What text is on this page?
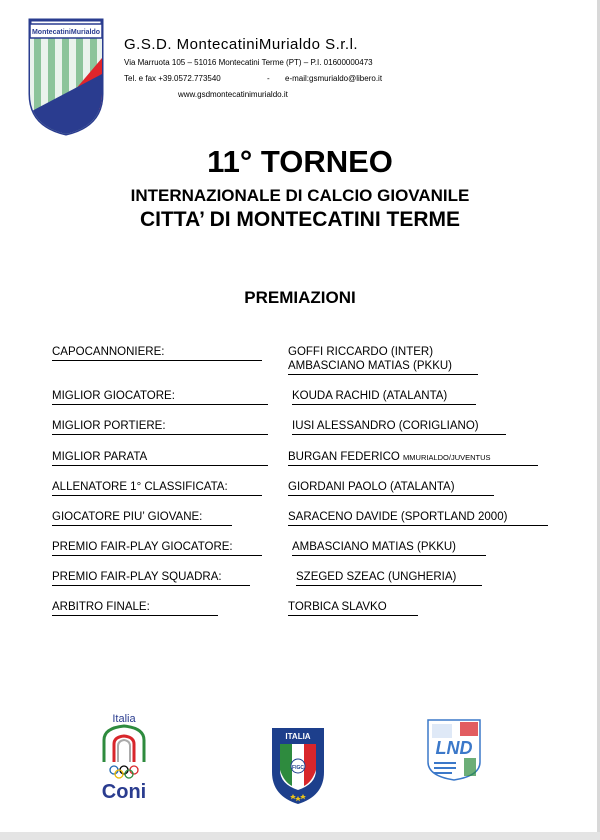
MontecatiniMurialdo
G.S.D. MontecatiniMurialdo S.r.l.
Via Marruota 105 – 51016 Montecatini Terme (PT) – P.I. 01600000473
Tel. e fax +39.0572.773540	- e-mail:gsmurialdo@libero.it
www.gsdmontecatinimurialdo.it
11° TORNEO
INTERNAZIONALE DI CALCIO GIOVANILE
CITTA’ DI MONTECATINI TERME
PREMIAZIONI
CAPOCANNONIERE:	GOFFI RICCARDO (INTER)
AMBASCIANO MATIAS (PKKU)
MIGLIOR GIOCATORE:	KOUDA RACHID (ATALANTA)
MIGLIOR PORTIERE:	IUSI ALESSANDRO (CORIGLIANO)
MIGLIOR PARATA	BURGAN FEDERICO MMURIALDO/JUVENTUS
ALLENATORE 1° CLASSIFICATA:	GIORDANI PAOLO (ATALANTA)
GIOCATORE PIU’ GIOVANE:	SARACENO DAVIDE (SPORTLAND 2000)
PREMIO FAIR-PLAY GIOCATORE:	AMBASCIANO MATIAS (PKKU)
PREMIO FAIR-PLAY SQUADRA:	SZEGED SZEAC (UNGHERIA)
ARBITRO FINALE:	TORBICA SLAVKO
Italia
Coni
ITALIA
FIGC
LND
